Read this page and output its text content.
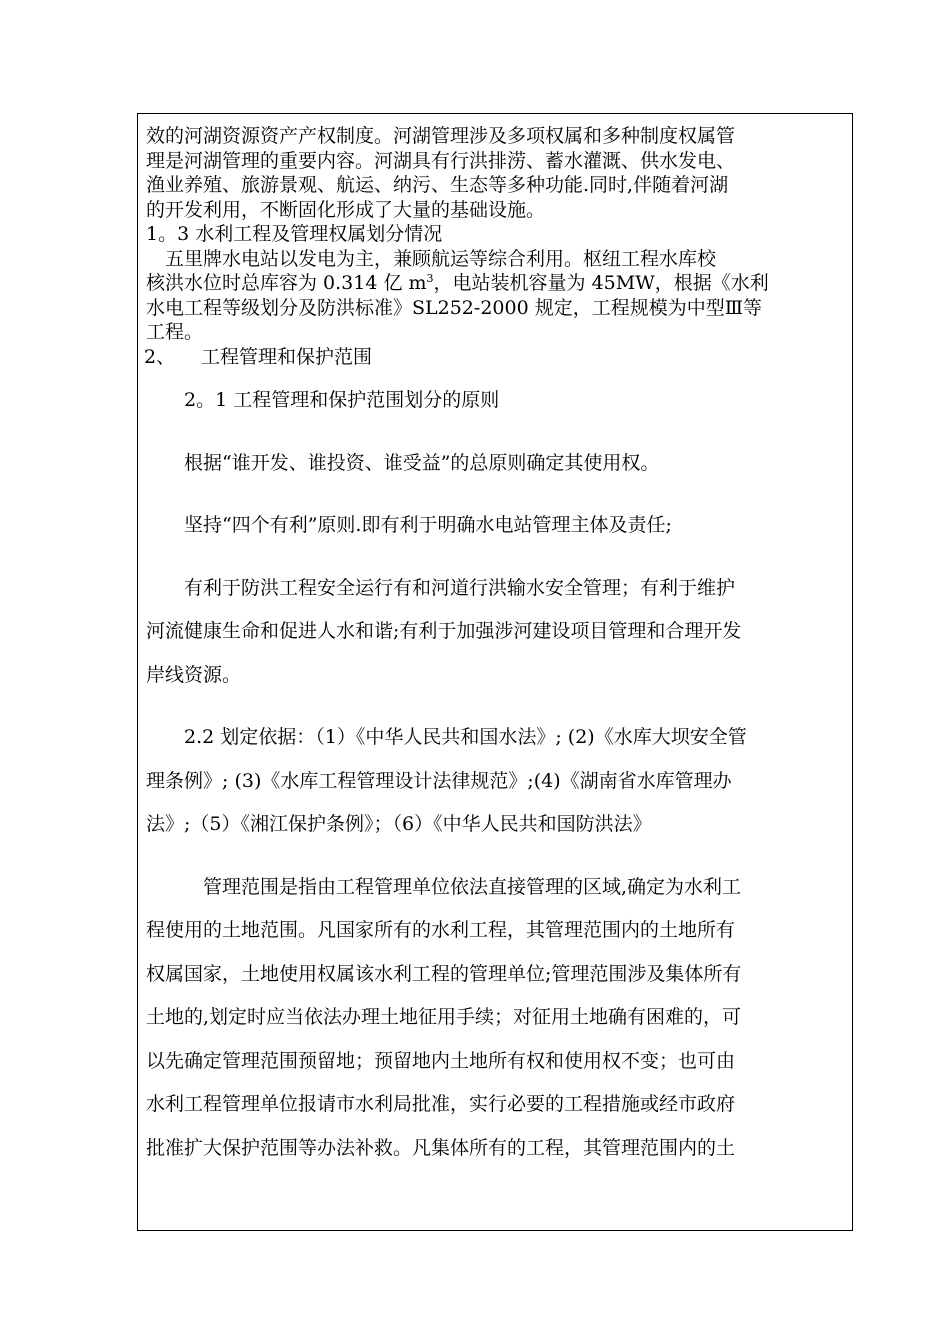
效的河湖资源资产产权制度。河湖管理涉及多项权属和多种制度权属管

理是河湖管理的重要内容。河湖具有行洪排涝、蓄水灌溉、供水发电、

渔业养殖、旅游景观、航运、纳污、生态等多种功能.同时,伴随着河湖

的开发利用，不断固化形成了大量的基础设施。

1。3 水利工程及管理权属划分情况

五里牌水电站以发电为主，兼顾航运等综合利用。枢纽工程水库校

核洪水位时总库容为 0.314 亿 $m^3$，电站装机容量为 45MW，根据《水利

水电工程等级划分及防洪标准》SL252-2000 规定，工程规模为中型Ⅲ等

工程。

2、	工程管理和保护范围

2。1 工程管理和保护范围划分的原则

根据“谁开发、谁投资、谁受益”的总原则确定其使用权。

坚持“四个有利”原则.即有利于明确水电站管理主体及责任;

有利于防洪工程安全运行有和河道行洪输水安全管理；有利于维护

河流健康生命和促进人水和谐;有利于加强涉河建设项目管理和合理开发

岸线资源。

2.2 划定依据：（1）《中华人民共和国水法》; (2)《水库大坝安全管

理条例》; (3)《水库工程管理设计法律规范》;(4)《湖南省水库管理办

法》;（5）《湘江保护条例》；（6）《中华人民共和国防洪法》

管理范围是指由工程管理单位依法直接管理的区域,确定为水利工

程使用的土地范围。凡国家所有的水利工程，其管理范围内的土地所有

权属国家，土地使用权属该水利工程的管理单位;管理范围涉及集体所有

土地的,划定时应当依法办理土地征用手续；对征用土地确有困难的，可

以先确定管理范围预留地；预留地内土地所有权和使用权不变；也可由

水利工程管理单位报请市水利局批准，实行必要的工程措施或经市政府

批准扩大保护范围等办法补救。凡集体所有的工程，其管理范围内的土
